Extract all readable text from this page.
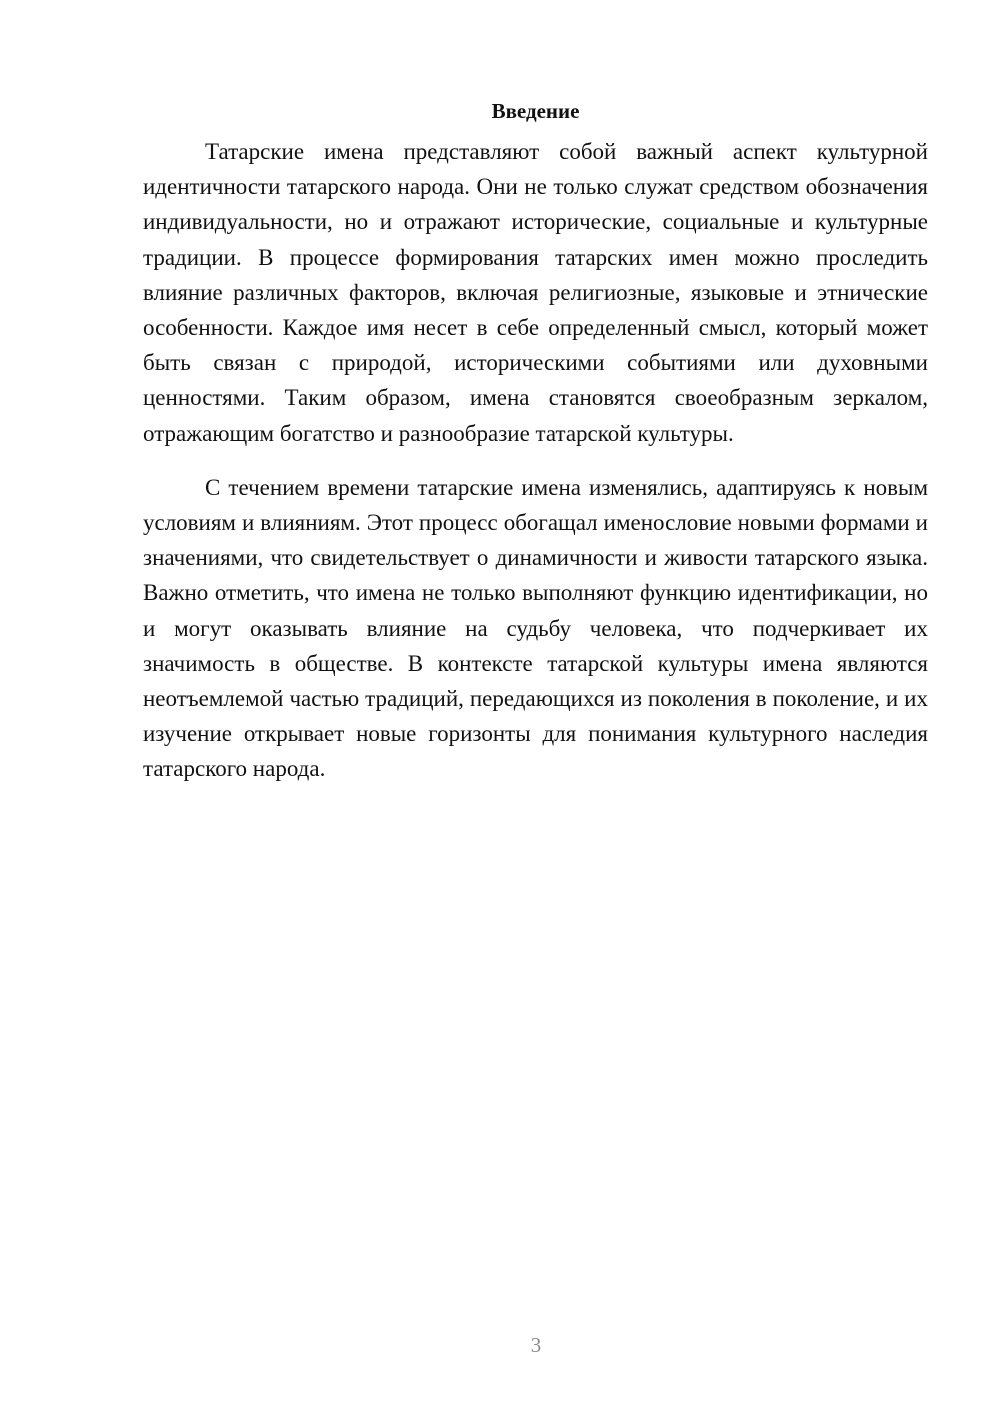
Введение

Татарские имена представляют собой важный аспект культурной идентичности татарского народа. Они не только служат средством обозначения индивидуальности, но и отражают исторические, социальные и культурные традиции. В процессе формирования татарских имен можно проследить влияние различных факторов, включая религиозные, языковые и этнические особенности. Каждое имя несет в себе определенный смысл, который может быть связан с природой, историческими событиями или духовными ценностями. Таким образом, имена становятся своеобразным зеркалом, отражающим богатство и разнообразие татарской культуры.

С течением времени татарские имена изменялись, адаптируясь к новым условиям и влияниям. Этот процесс обогащал именословие новыми формами и значениями, что свидетельствует о динамичности и живости татарского языка. Важно отметить, что имена не только выполняют функцию идентификации, но и могут оказывать влияние на судьбу человека, что подчеркивает их значимость в обществе. В контексте татарской культуры имена являются неотъемлемой частью традиций, передающихся из поколения в поколение, и их изучение открывает новые горизонты для понимания культурного наследия татарского народа.

3
